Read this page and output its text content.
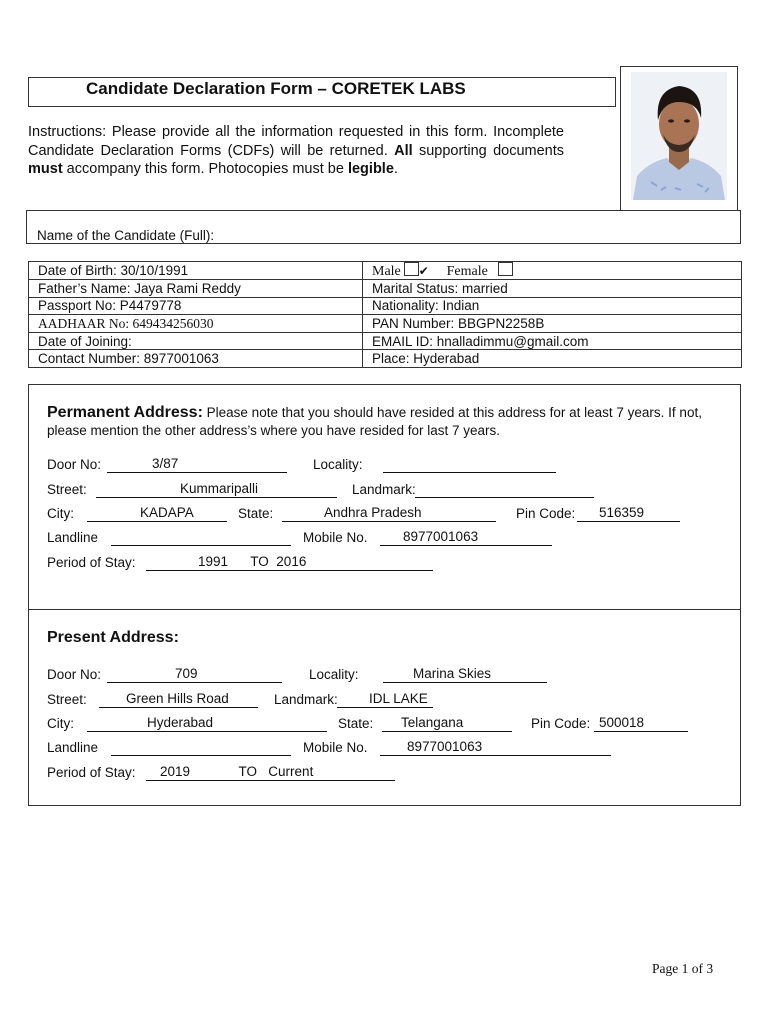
Candidate Declaration Form – CORETEK LABS
Instructions: Please provide all the information requested in this form. Incomplete Candidate Declaration Forms (CDFs) will be returned. All supporting documents must accompany this form. Photocopies must be legible.
Name of the Candidate (Full):
Date of Birth: 30/10/1991	Male ✔ Female
Father’s Name: Jaya Rami Reddy	Marital Status: married
Passport No: P4479778	Nationality: Indian
AADHAAR No: 649434256030	PAN Number: BBGPN2258B
Date of Joining:	EMAIL ID: hnalladimmu@gmail.com
Contact Number: 8977001063	Place: Hyderabad
Permanent Address: Please note that you should have resided at this address for at least 7 years. If not, please mention the other address’s where you have resided for last 7 years.
Door No:	3/87	Locality:
Street:	Kummaripalli	Landmark:
City:	KADAPA	State:	Andhra Pradesh	Pin Code:	516359
Landline	Mobile No.	8977001063
Period of Stay:	1991      TO  2016
Present Address:
Door No:	709	Locality:	Marina Skies
Street:	Green Hills Road	Landmark:	IDL LAKE
City:	Hyderabad	State:	Telangana	Pin Code: 500018
Landline	Mobile No.	8977001063
Period of Stay:	2019             TO   Current
Page 1 of 3
